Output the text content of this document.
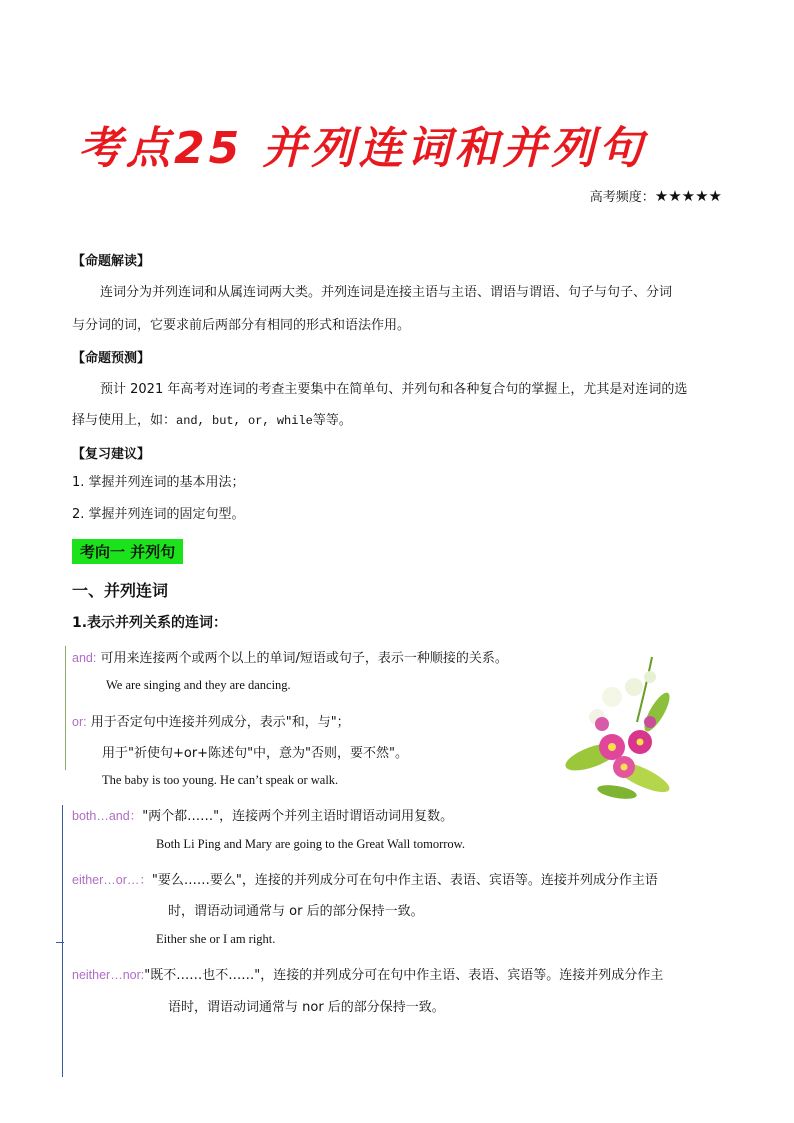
考点25 并列连词和并列句
高考频度：★★★★★
【命题解读】
连词分为并列连词和从属连词两大类。并列连词是连接主语与主语、谓语与谓语、句子与句子、分词
与分词的词，它要求前后两部分有相同的形式和语法作用。
【命题预测】
预计 2021 年高考对连词的考查主要集中在简单句、并列句和各种复合句的掌握上，尤其是对连词的选
择与使用上，如：and, but, or, while等等。
【复习建议】
1. 掌握并列连词的基本用法；
2. 掌握并列连词的固定句型。
考向一 并列句
一、并列连词
1.表示并列关系的连词：
and: 可用来连接两个或两个以上的单词/短语或句子，表示一种顺接的关系。
We are singing and they are dancing.
or: 用于否定句中连接并列成分，表示"和，与"；
用于"祈使句+or+陈述句"中，意为"否则，要不然"。
The baby is too young. He can’t speak or walk.
both…and："两个都……"，连接两个并列主语时谓语动词用复数。
Both Li Ping and Mary are going to the Great Wall tomorrow.
either…or…："要么……要么"，连接的并列成分可在句中作主语、表语、宾语等。连接并列成分作主语
时，谓语动词通常与 or 后的部分保持一致。
Either she or I am right.
neither…nor:"既不……也不……"，连接的并列成分可在句中作主语、表语、宾语等。连接并列成分作主
语时，谓语动词通常与 nor 后的部分保持一致。
